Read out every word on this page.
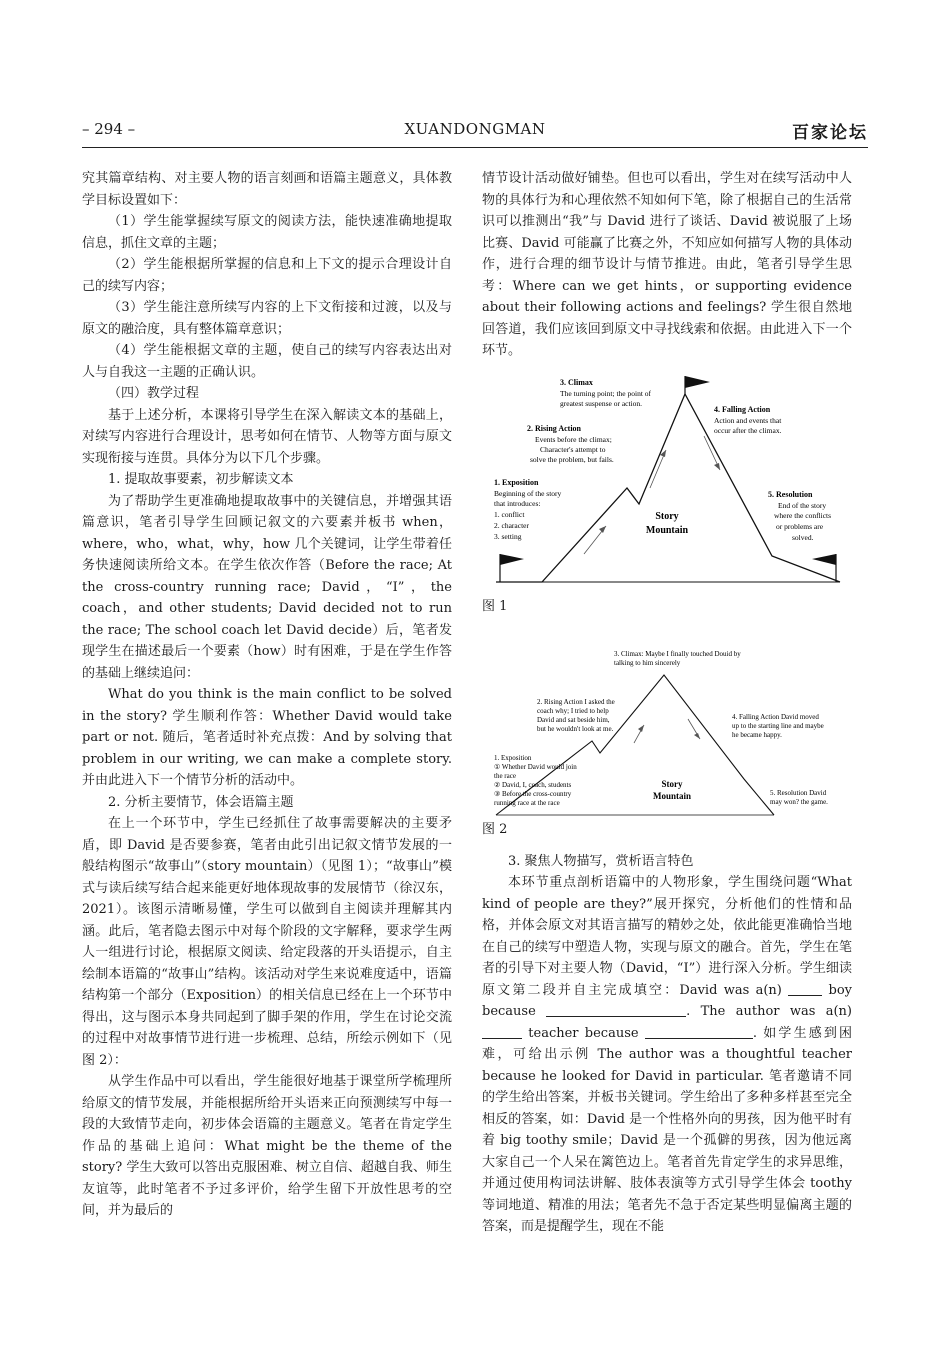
– 294 –	XUANDONGMAN	百家论坛

究其篇章结构、对主要人物的语言刻画和语篇主题意义，具体教学目标设置如下：

（1）学生能掌握续写原文的阅读方法，能快速准确地提取信息，抓住文章的主题；

（2）学生能根据所掌握的信息和上下文的提示合理设计自己的续写内容；

（3）学生能注意所续写内容的上下文衔接和过渡，以及与原文的融洽度，具有整体篇章意识；

（4）学生能根据文章的主题，使自己的续写内容表达出对人与自我这一主题的正确认识。

（四）教学过程

基于上述分析，本课将引导学生在深入解读文本的基础上，对续写内容进行合理设计，思考如何在情节、人物等方面与原文实现衔接与连贯。具体分为以下几个步骤。

1. 提取故事要素，初步解读文本

为了帮助学生更准确地提取故事中的关键信息，并增强其语篇意识，笔者引导学生回顾记叙文的六要素并板书 when，where，who，what，why，how 几个关键词，让学生带着任务快速阅读所给文本。在学生依次作答（Before the race; At the cross-country running race; David，“I”，the coach，and other students; David decided not to run the race; The school coach let David decide）后，笔者发现学生在描述最后一个要素（how）时有困难，于是在学生作答的基础上继续追问：

What do you think is the main conflict to be solved in the story? 学生顺利作答：Whether David would take part or not. 随后，笔者适时补充点拨：And by solving that problem in our writing, we can make a complete story. 并由此进入下一个情节分析的活动中。

2. 分析主要情节，体会语篇主题

在上一个环节中，学生已经抓住了故事需要解决的主要矛盾，即 David 是否要参赛，笔者由此引出记叙文情节发展的一般结构图示“故事山”（story mountain）（见图 1）；“故事山”模式与读后续写结合起来能更好地体现故事的发展情节（徐汉东，2021）。该图示清晰易懂，学生可以做到自主阅读并理解其内涵。此后，笔者隐去图示中对每个阶段的文字解释，要求学生两人一组进行讨论，根据原文阅读、给定段落的开头语提示，自主绘制本语篇的“故事山”结构。该活动对学生来说难度适中，语篇结构第一个部分（Exposition）的相关信息已经在上一个环节中得出，这与图示本身共同起到了脚手架的作用，学生在讨论交流的过程中对故事情节进行进一步梳理、总结，所绘示例如下（见图 2）：

从学生作品中可以看出，学生能很好地基于课堂所学梳理所给原文的情节发展，并能根据所给开头语来正向预测续写中每一段的大致情节走向，初步体会语篇的主题意义。笔者在肯定学生作品的基础上追问：What might be the theme of the story? 学生大致可以答出克服困难、树立自信、超越自我、师生友谊等，此时笔者不予过多评价，给学生留下开放性思考的空间，并为最后的

情节设计活动做好铺垫。但也可以看出，学生对在续写活动中人物的具体行为和心理依然不知如何下笔，除了根据自己的生活常识可以推测出“我”与 David 进行了谈话、David 被说服了上场比赛、David 可能赢了比赛之外，不知应如何描写人物的具体动作，进行合理的细节设计与情节推进。由此，笔者引导学生思考：Where can we get hints，or supporting evidence about their following actions and feelings? 学生很自然地回答道，我们应该回到原文中寻找线索和依据。由此进入下一个环节。

3. Climax
The turning point; the point of
greatest suspense or action.
2. Rising Action
Events before the climax;
Character's attempt to
solve the problem, but fails.
4. Falling Action
Action and events that
occur after the climax.
1. Exposition
Beginning of the story
that introduces:
1. conflict
2. character
3. setting
5. Resolution
End of the story
where the conflicts
or problems are
solved.
Story
Mountain

图 1

3. Climax: Maybe I finally touched Douid by
talking to him sincerely
2. Rising Action I asked the
coach why; I tried to help
David and sat beside him,
but he wouldn't look at me.
4. Falling Action David moved
up to the starting line and maybe
he became happy.
1. Exposition
① Whether David would join
the race
② David, I, coach, students
③ Before the cross-country
running race at the race
5. Resolution David
may won? the game.
Story
Mountain

图 2

3. 聚焦人物描写，赏析语言特色

本环节重点剖析语篇中的人物形象，学生围绕问题“What kind of people are they?”展开探究，分析他们的性情和品格，并体会原文对其语言描写的精妙之处，依此能更准确恰当地在自己的续写中塑造人物，实现与原文的融合。首先，学生在笔者的引导下对主要人物（David，“I”）进行深入分析。学生细读原文第二段并自主完成填空：David was a(n)	boy because	. The author was a(n)  teacher because	. 如学生感到困难，可给出示例 The author was a thoughtful teacher because he looked for David in particular. 笔者邀请不同的学生给出答案，并板书关键词。学生给出了多种多样甚至完全相反的答案，如：David 是一个性格外向的男孩，因为他平时有着 big toothy smile；David 是一个孤僻的男孩，因为他远离大家自己一个人呆在篱笆边上。笔者首先肯定学生的求异思维，并通过使用构词法讲解、肢体表演等方式引导学生体会 toothy 等词地道、精准的用法；笔者先不急于否定某些明显偏离主题的答案，而是提醒学生，现在不能
